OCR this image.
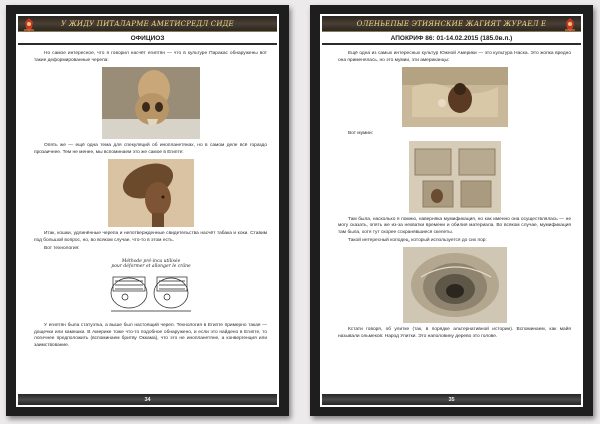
У ЖИДУ ПИТАЛАРМЕ АМЕТИСРЕДЛ СИДЕ
ОФИЦИОЗ

Но самое интересное, что я говорил насчёт египтян — что в культуре Паракас обнаружены вот такие деформированные черепа:

Опять же — ещё одна тема для спекуляций об инопланетянах, но в самом деле всё гораздо прозаичнее. Тем не менее, мы вспоминаем это же самое в Египте:

Итак, кошки, удлинённые черепа и непотвержденные свидетельства насчёт табакa и коки. Ставим под большой вопрос, но, во всяком случае, что-то в этом есть.

Вот технология:

Méthode pré-inca utilisée
pour déformer et allonger le crâne

У египтян была статуэтка, а выше был настоящий череп. Технология в Египте примерно такая — дощечки или камешки. В Америке тоже что-то подобное обнаружено, и если это найдено в Египте, то логичнее предположить (вспоминаем бритву Оккама), что это не инопланетяне, а конвергенция или заимствование.

34
ОЛЕНЬЕПЫЕ ЭТИЯНСКИЕ ЖАГИЯТ ЖУРАЕЛ Е
АПОКРИФ 86: 01-14.02.2015 (185.0в.п.)

Ещё одна из самых интересных культур Южной Америки — это культура Наска. Это жопка вредно она применялась, но это мумии, эти американцы:

Вот мумии:

Там была, насколько я помню, наверняка мумификация, но как именно она осуществлялась — не могу сказать, опять же из-за нехватки времени и обилия материала. Во всяком случае, мумификация там была, хотя тут скорее сохранявшиеся скелеты.

Такой интересный колодец, который используется до сих пор:

Кстати говоря, об улитке (так, в порядке альтернативной истории). Вспоминаем, как майя называли ольмеков: Народ Улитки. Это наполовину дерево это голове.

35
